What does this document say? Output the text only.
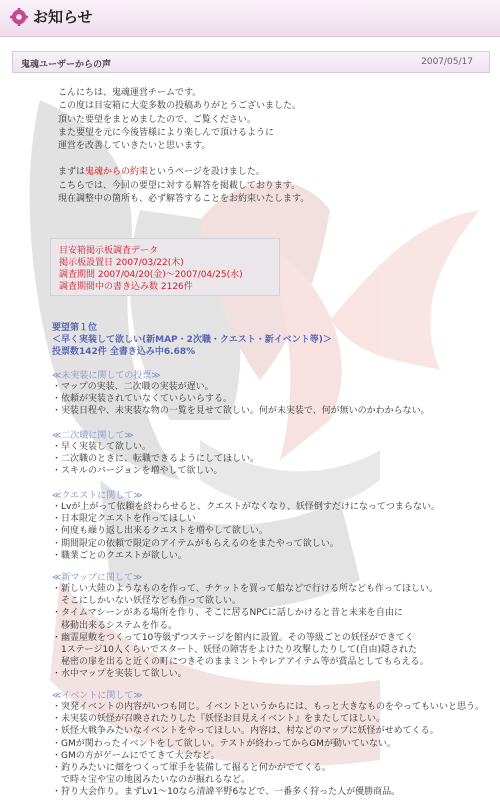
お知らせ
鬼魂ユーザーからの声	2007/05/17

こんにちは、鬼魂運営チームです。

この度は目安箱に大変多数の投稿ありがとうございました。

頂いた要望をまとめましたので、ご覧ください。

また要望を元に今後皆様により楽しんで頂けるように

運営を改善していきたいと思います。

まずは鬼魂からの約束というページを設けました。

こちらでは、今回の要望に対する解答を掲載しております。

現在調整中の箇所も、必ず解答することをお約束いたします。

目安箱掲示板調査データ
掲示板設置日 2007/03/22(木)
調査期間 2007/04/20(金)〜2007/04/25(水)
調査期間中の書き込み数 2126件
要望第１位
＜早く実装して欲しい(新MAP・2次職・クエスト・新イベント等)＞
投票数142件 全書き込み中6.68%
≪未実装に関しての投票≫
・マップの実装、二次職の実装が遅い。
・依頼が実装されていなくていらいらする。
・実装日程や、未実装な物の一覧を見せて欲しい。何が未実装で、何が無いのかわからない。
≪二次職に関して≫
・早く実装して欲しい。
・二次職のときに、転職できるようにしてほしい。
・スキルのバージョンを増やして欲しい。
≪クエストに関して≫
・Lvが上がって依頼を終わらせると、クエストがなくなり、妖怪倒すだけになってつまらない。
・日本限定クエストを作ってほしい
・何度も繰り返し出来るクエストを増やして欲しい。
・期間限定の依頼で限定のアイテムがもらえるのをまたやって欲しい。
・職業ごとのクエストが欲しい。
≪新マップに関して≫
・新しい大陸のようなものを作って、チケットを買って船などで行ける所なども作ってほしい。
　そこにしかいない妖怪なども作って欲しい。
・タイムマシーンがある場所を作り、そこに居るNPCに話しかけると昔と未来を自由に
　移動出来るシステムを作る。
・幽霊屋敷をつくって10等級ずつステージを館内に設置。その等級ごとの妖怪ができてく
　1ステージ10人くらいでスタート、妖怪の障害をよけたり攻撃したりして(自由)隠された
　秘密の扉を出ると近くの町につきそのままミントやレアアイテム等が賞品としてもらえる。
・水中マップを実装して欲しい。
≪イベントに関して≫
・突発イベントの内容がいつも同じ。イベントというからには、もっと大きなものをやってもいいと思う。
・未実装の妖怪が召喚されたりした『妖怪お目見えイベント』をまたしてほしい。
・妖怪大戦争みたいなイベントをやってほしい。内容は、村などのマップに妖怪がせめてくる。
・GMが関わったイベントをして欲しい。テストが終わってからGMが動いていない。
・GMの方がゲームにでてきて大会など。
・釣りみたいに畑をつくって軍手を装備して掘ると何かがでてくる。
　で時々宝や宝の地図みたいなのが掘れるなど。
・狩り大会作り。まずLv1〜10なら清諱平野6などで、一番多く狩った人が優勝商品。
